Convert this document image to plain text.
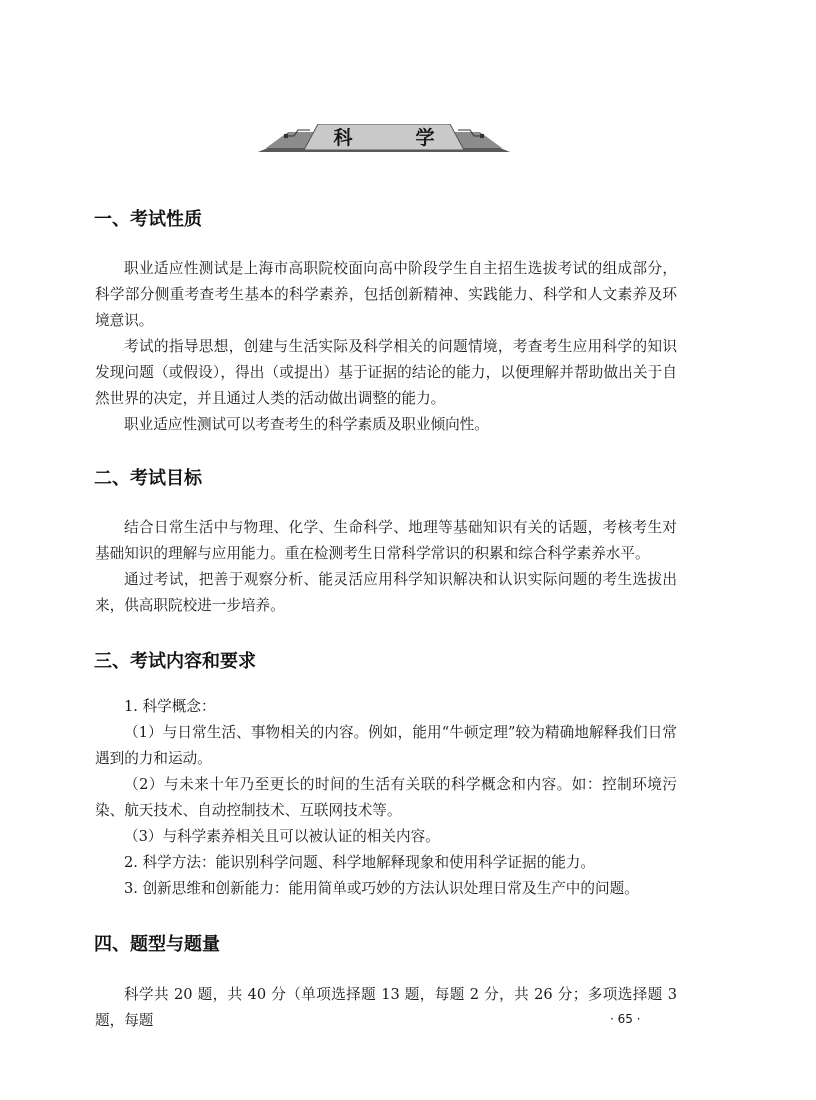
科　学
一、考试性质

职业适应性测试是上海市高职院校面向高中阶段学生自主招生选拔考试的组成部分，科学部分侧重考查考生基本的科学素养，包括创新精神、实践能力、科学和人文素养及环境意识。

考试的指导思想，创建与生活实际及科学相关的问题情境，考查考生应用科学的知识发现问题（或假设），得出（或提出）基于证据的结论的能力，以便理解并帮助做出关于自然世界的决定，并且通过人类的活动做出调整的能力。

职业适应性测试可以考查考生的科学素质及职业倾向性。

二、考试目标

结合日常生活中与物理、化学、生命科学、地理等基础知识有关的话题，考核考生对基础知识的理解与应用能力。重在检测考生日常科学常识的积累和综合科学素养水平。

通过考试，把善于观察分析、能灵活应用科学知识解决和认识实际问题的考生选拔出来，供高职院校进一步培养。

三、考试内容和要求

1. 科学概念：

（1）与日常生活、事物相关的内容。例如，能用“牛顿定理”较为精确地解释我们日常遇到的力和运动。

（2）与未来十年乃至更长的时间的生活有关联的科学概念和内容。如：控制环境污染、航天技术、自动控制技术、互联网技术等。

（3）与科学素养相关且可以被认证的相关内容。

2. 科学方法：能识别科学问题、科学地解释现象和使用科学证据的能力。

3. 创新思维和创新能力：能用简单或巧妙的方法认识处理日常及生产中的问题。

四、题型与题量

科学共 20 题，共 40 分（单项选择题 13 题，每题 2 分，共 26 分；多项选择题 3 题，每题	· 65 ·
